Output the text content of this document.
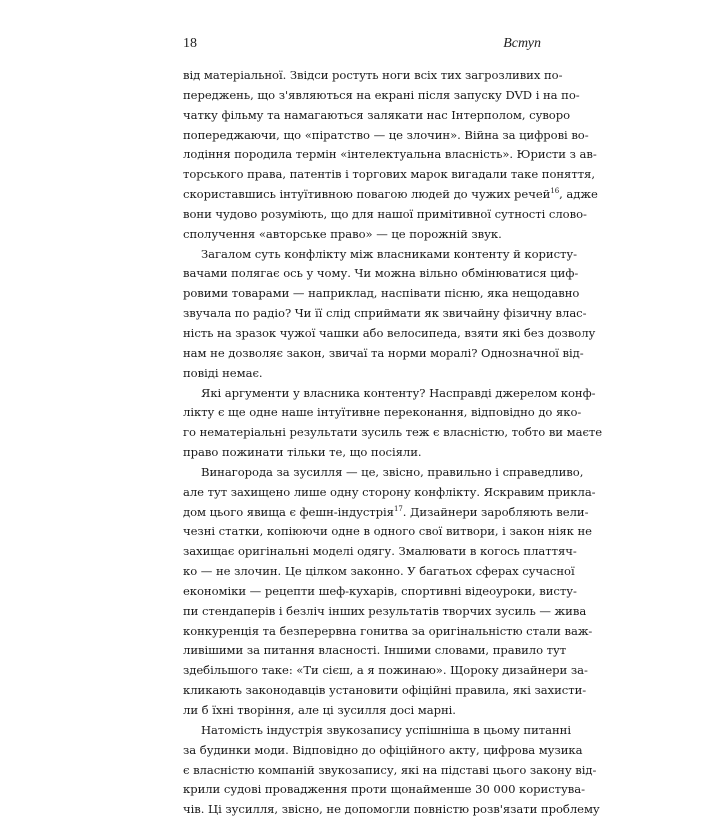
18	Вступ
від матеріальної. Звідси ростуть ноги всіх тих загрозливих по-
переджень, що з'являються на екрані після запуску DVD і на по-
чатку фільму та намагаються залякати нас Інтерполом, суворо
попереджаючи, що «піратство — це злочин». Війна за цифрові во-
лодіння породила термін «інтелектуальна власність». Юристи з ав-
торського права, патентів і торгових марок вигадали таке поняття,
скориставшись інтуїтивною повагою людей до чужих речей$^{16}$, адже
вони чудово розуміють, що для нашої примітивної сутності слово-
сполучення «авторське право» — це порожній звук.
Загалом суть конфлікту між власниками контенту й користу-
вачами полягає ось у чому. Чи можна вільно обмінюватися циф-
ровими товарами — наприклад, наспівати пісню, яка нещодавно
звучала по радіо? Чи її слід сприймати як звичайну фізичну влас-
ність на зразок чужої чашки або велосипеда, взяти які без дозволу
нам не дозволяє закон, звичаї та норми моралі? Однозначної від-
повіді немає.
Які аргументи у власника контенту? Насправді джерелом конф-
лікту є ще одне наше інтуїтивне переконання, відповідно до яко-
го нематеріальні результати зусиль теж є власністю, тобто ви маєте
право пожинати тільки те, що посіяли.
Винагорода за зусилля — це, звісно, правильно і справедливо,
але тут захищено лише одну сторону конфлікту. Яскравим прикла-
дом цього явища є фешн-індустрія$^{17}$. Дизайнери заробляють вели-
чезні статки, копіюючи одне в одного свої витвори, і закон ніяк не
захищає оригінальні моделі одягу. Змалювати в когось платтяч-
ко — не злочин. Це цілком законно. У багатьох сферах сучасної
економіки — рецепти шеф-кухарів, спортивні відеоуроки, висту-
пи стендаперів і безліч інших результатів творчих зусиль — жива
конкуренція та безперервна гонитва за оригінальністю стали важ-
ливішими за питання власності. Іншими словами, правило тут
здебільшого таке: «Ти сієш, а я пожинаю». Щороку дизайнери за-
кликають законодавців установити офіційні правила, які захисти-
ли б їхні творіння, але ці зусилля досі марні.
Натомість індустрія звукозапису успішніша в цьому питанні
за будинки моди. Відповідно до офіційного акту, цифрова музика
є власністю компаній звукозапису, які на підставі цього закону від-
крили судові провадження проти щонайменше 30 000 користува-
чів. Ці зусилля, звісно, не допомогли повністю розв'язати проблему
